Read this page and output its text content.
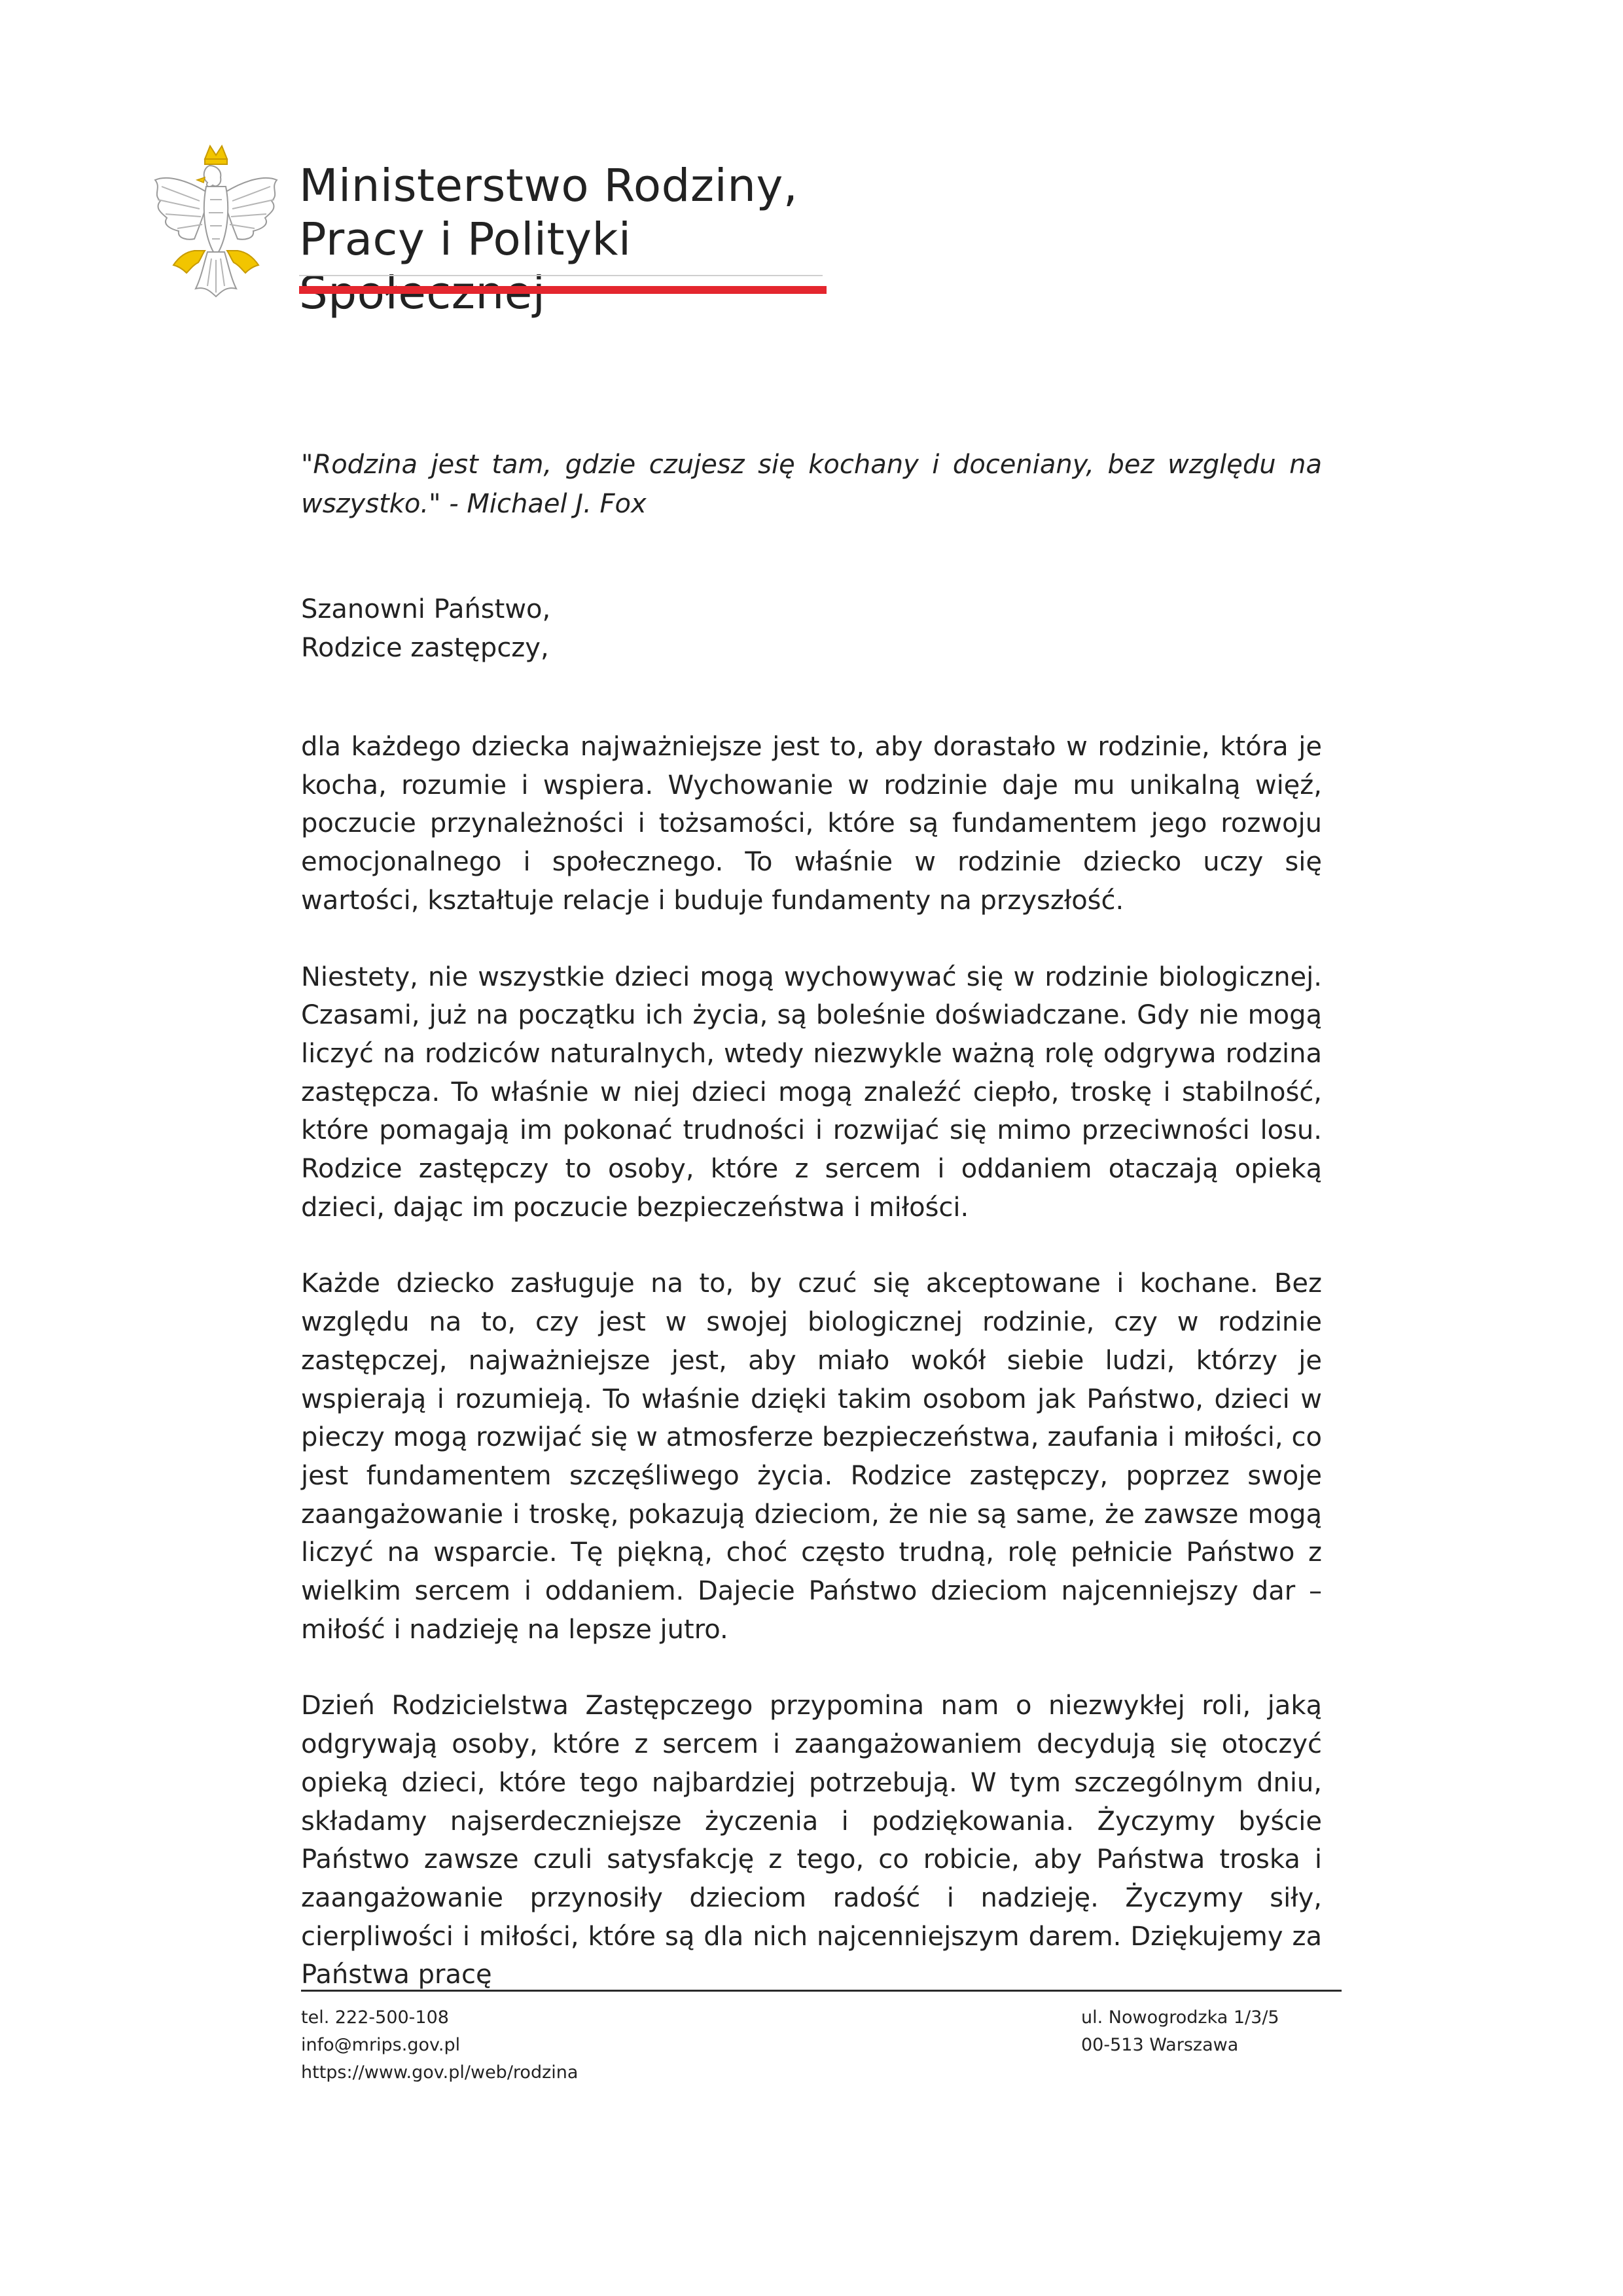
Ministerstwo Rodziny,
Pracy i Polityki

"Rodzina jest tam, gdzie czujesz się kochany i doceniany, bez względu na wszystko." - Michael J. Fox

Szanowni Państwo,
Rodzice zastępczy,

dla każdego dziecka najważniejsze jest to, aby dorastało w rodzinie, która je kocha, rozumie i wspiera. Wychowanie w rodzinie daje mu unikalną więź, poczucie przynależności i tożsamości, które są fundamentem jego rozwoju emocjonalnego i społecznego. To właśnie w rodzinie dziecko uczy się wartości, kształtuje relacje i buduje fundamenty na przyszłość.

Niestety, nie wszystkie dzieci mogą wychowywać się w rodzinie biologicznej. Czasami, już na początku ich życia, są boleśnie doświadczane. Gdy nie mogą liczyć na rodziców naturalnych, wtedy niezwykle ważną rolę odgrywa rodzina zastępcza. To właśnie w niej dzieci mogą znaleźć ciepło, troskę i stabilność, które pomagają im pokonać trudności i rozwijać się mimo przeciwności losu. Rodzice zastępczy to osoby, które z sercem i oddaniem otaczają opieką dzieci, dając im poczucie bezpieczeństwa i miłości.

Każde dziecko zasługuje na to, by czuć się akceptowane i kochane. Bez względu na to, czy jest w swojej biologicznej rodzinie, czy w rodzinie zastępczej, najważniejsze jest, aby miało wokół siebie ludzi, którzy je wspierają i rozumieją. To właśnie dzięki takim osobom jak Państwo, dzieci w pieczy mogą rozwijać się w atmosferze bezpieczeństwa, zaufania i miłości, co jest fundamentem szczęśliwego życia. Rodzice zastępczy, poprzez swoje zaangażowanie i troskę, pokazują dzieciom, że nie są same, że zawsze mogą liczyć na wsparcie. Tę piękną, choć często trudną, rolę pełnicie Państwo z wielkim sercem i oddaniem. Dajecie Państwo dzieciom najcenniejszy dar – miłość i nadzieję na lepsze jutro.

Dzień Rodzicielstwa Zastępczego przypomina nam o niezwykłej roli, jaką odgrywają osoby, które z sercem i zaangażowaniem decydują się otoczyć opieką dzieci, które tego najbardziej potrzebują. W tym szczególnym dniu, składamy najserdeczniejsze życzenia i podziękowania. Życzymy byście Państwo zawsze czuli satysfakcję z tego, co robicie, aby Państwa troska i zaangażowanie przynosiły dzieciom radość i nadzieję. Życzymy siły, cierpliwości i miłości, które są dla nich najcenniejszym darem. Dziękujemy za Państwa pracę

tel. 222-500-108
info@mrips.gov.pl
https://www.gov.pl/web/rodzina
ul. Nowogrodzka 1/3/5
00-513 Warszawa
